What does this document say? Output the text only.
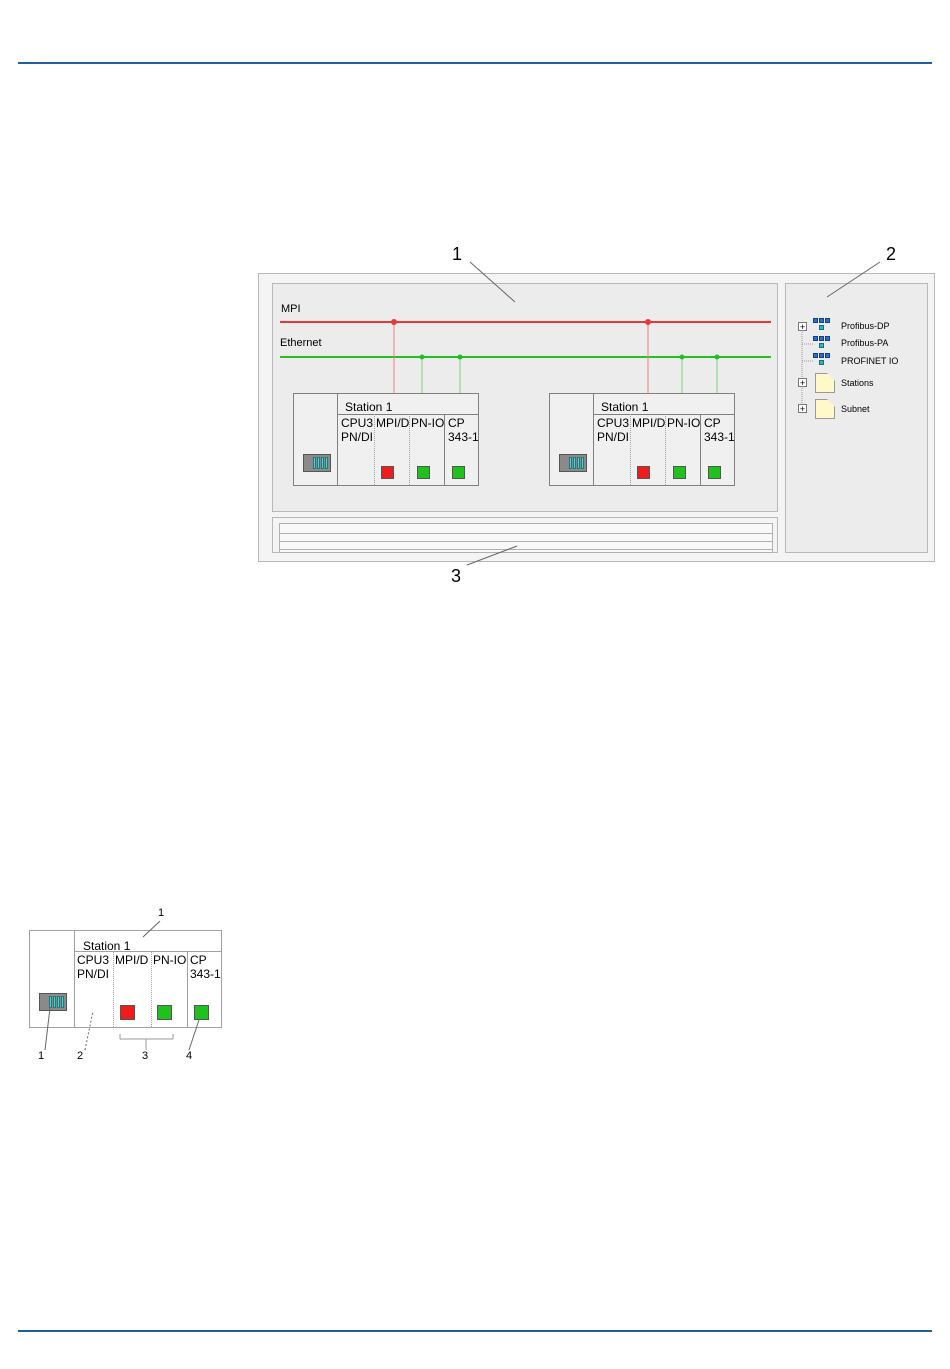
1	2
3
MPI
Ethernet
Station 1
CPU3
PN/DI
MPI/D PN-IO CP
343-1
Station 1
CPU3
PN/DI
MPI/D PN-IO CP
343-1
+	Profibus-DP
Profibus-PA
PROFINET IO
+	Stations
+	Subnet
1
Station 1
CPU3
PN/DI
MPI/D PN-IO CP
343-1
1	2	3	4
